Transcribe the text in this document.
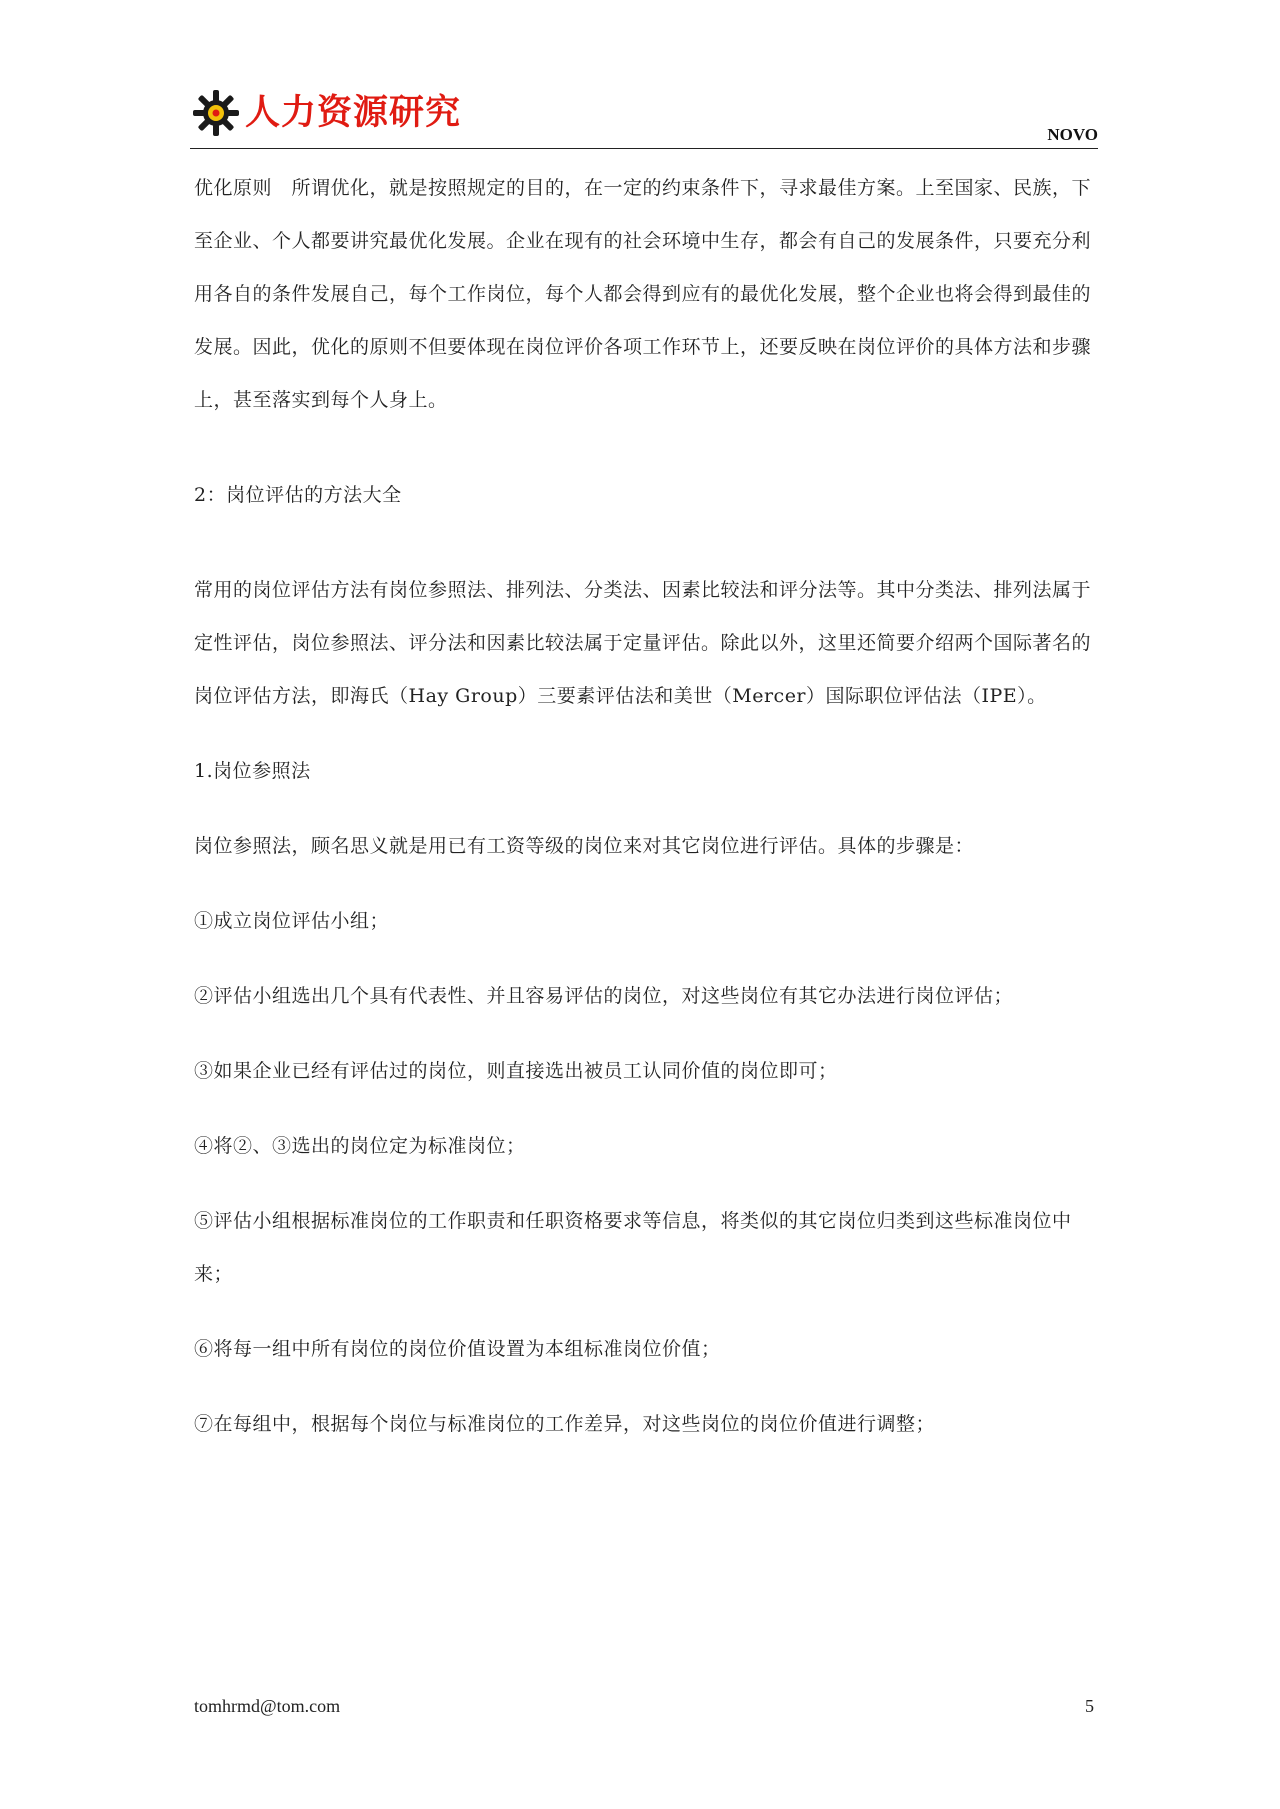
人力资源研究
NOVO

优化原则　所谓优化，就是按照规定的目的，在一定的约束条件下，寻求最佳方案。上至国家、民族，下至企业、个人都要讲究最优化发展。企业在现有的社会环境中生存，都会有自己的发展条件，只要充分利用各自的条件发展自己，每个工作岗位，每个人都会得到应有的最优化发展，整个企业也将会得到最佳的发展。因此，优化的原则不但要体现在岗位评价各项工作环节上，还要反映在岗位评价的具体方法和步骤上，甚至落实到每个人身上。

2：岗位评估的方法大全

常用的岗位评估方法有岗位参照法、排列法、分类法、因素比较法和评分法等。其中分类法、排列法属于定性评估，岗位参照法、评分法和因素比较法属于定量评估。除此以外，这里还简要介绍两个国际著名的岗位评估方法，即海氏（Hay Group）三要素评估法和美世（Mercer）国际职位评估法（IPE）。

1.岗位参照法

岗位参照法，顾名思义就是用已有工资等级的岗位来对其它岗位进行评估。具体的步骤是：

①成立岗位评估小组；

②评估小组选出几个具有代表性、并且容易评估的岗位，对这些岗位有其它办法进行岗位评估；

③如果企业已经有评估过的岗位，则直接选出被员工认同价值的岗位即可；

④将②、③选出的岗位定为标准岗位；

⑤评估小组根据标准岗位的工作职责和任职资格要求等信息，将类似的其它岗位归类到这些标准岗位中来；

⑥将每一组中所有岗位的岗位价值设置为本组标准岗位价值；

⑦在每组中，根据每个岗位与标准岗位的工作差异，对这些岗位的岗位价值进行调整；

tomhrmd@tom.com	5
